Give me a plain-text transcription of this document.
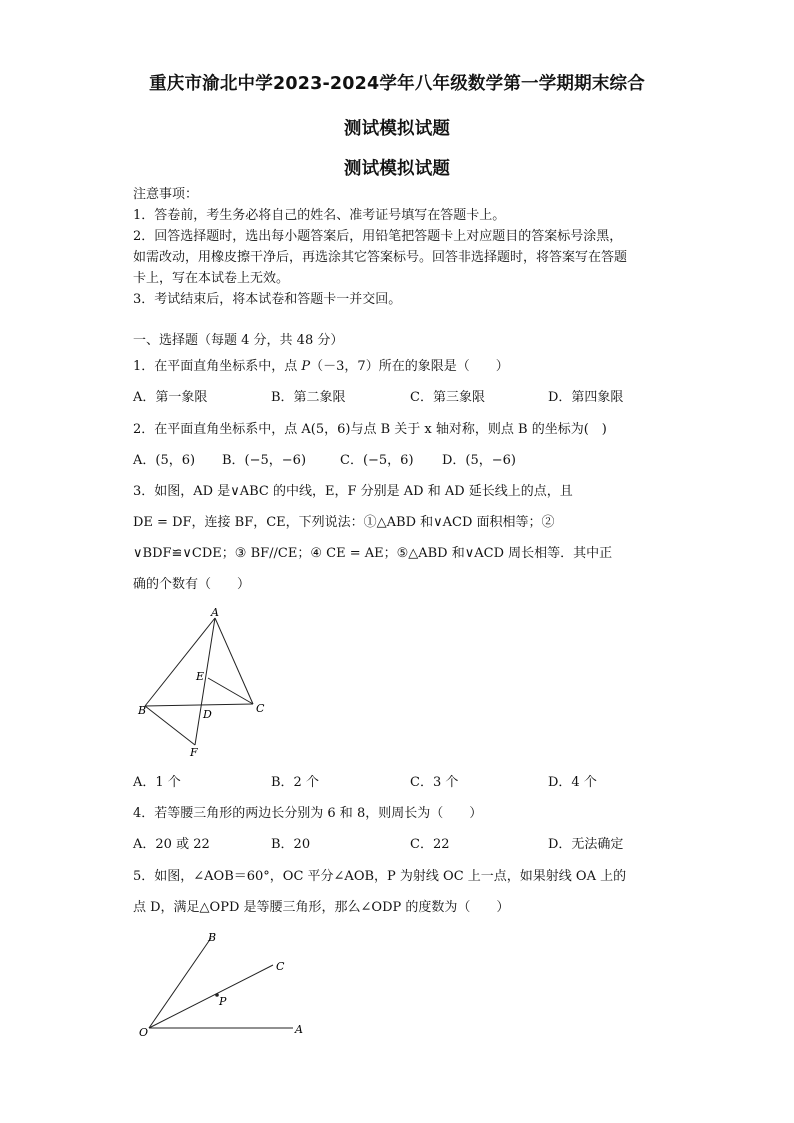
重庆市渝北中学2023-2024学年八年级数学第一学期期末综合
测试模拟试题
测试模拟试题
注意事项：
1．答卷前，考生务必将自己的姓名、准考证号填写在答题卡上。
2．回答选择题时，选出每小题答案后，用铅笔把答题卡上对应题目的答案标号涂黑，
如需改动，用橡皮擦干净后，再选涂其它答案标号。回答非选择题时，将答案写在答题
卡上，写在本试卷上无效。
3．考试结束后，将本试卷和答题卡一并交回。
一、选择题（每题 4 分，共 48 分）
1．在平面直角坐标系中，点 P（－3，7）所在的象限是（　　）
A．第一象限	B．第二象限	C．第三象限	D．第四象限
2．在平面直角坐标系中，点 A(5，6)与点 B 关于 x 轴对称，则点 B 的坐标为(　)
A．(5，6) B．(−5，−6)	C．(−5，6) D．(5，−6)
3．如图，AD 是∨ABC 的中线，E，F 分别是 AD 和 AD 延长线上的点，且
DE = DF，连接 BF，CE，下列说法：①△ABD 和∨ACD 面积相等；②
∨BDF≌∨CDE；③ BF//CE；④ CE = AE；⑤△ABD 和∨ACD 周长相等．其中正
确的个数有（　　）
A
B	C
D
E
F
A．1 个	B．2 个	C．3 个	D．4 个
4．若等腰三角形的两边长分别为 6 和 8，则周长为（　　）
A．20 或 22	B．20	C．22	D．无法确定
5．如图，∠AOB＝60°，OC 平分∠AOB，P 为射线 OC 上一点，如果射线 OA 上的
点 D，满足△OPD 是等腰三角形，那么∠ODP 的度数为（　　）
B
C
P
O	A
